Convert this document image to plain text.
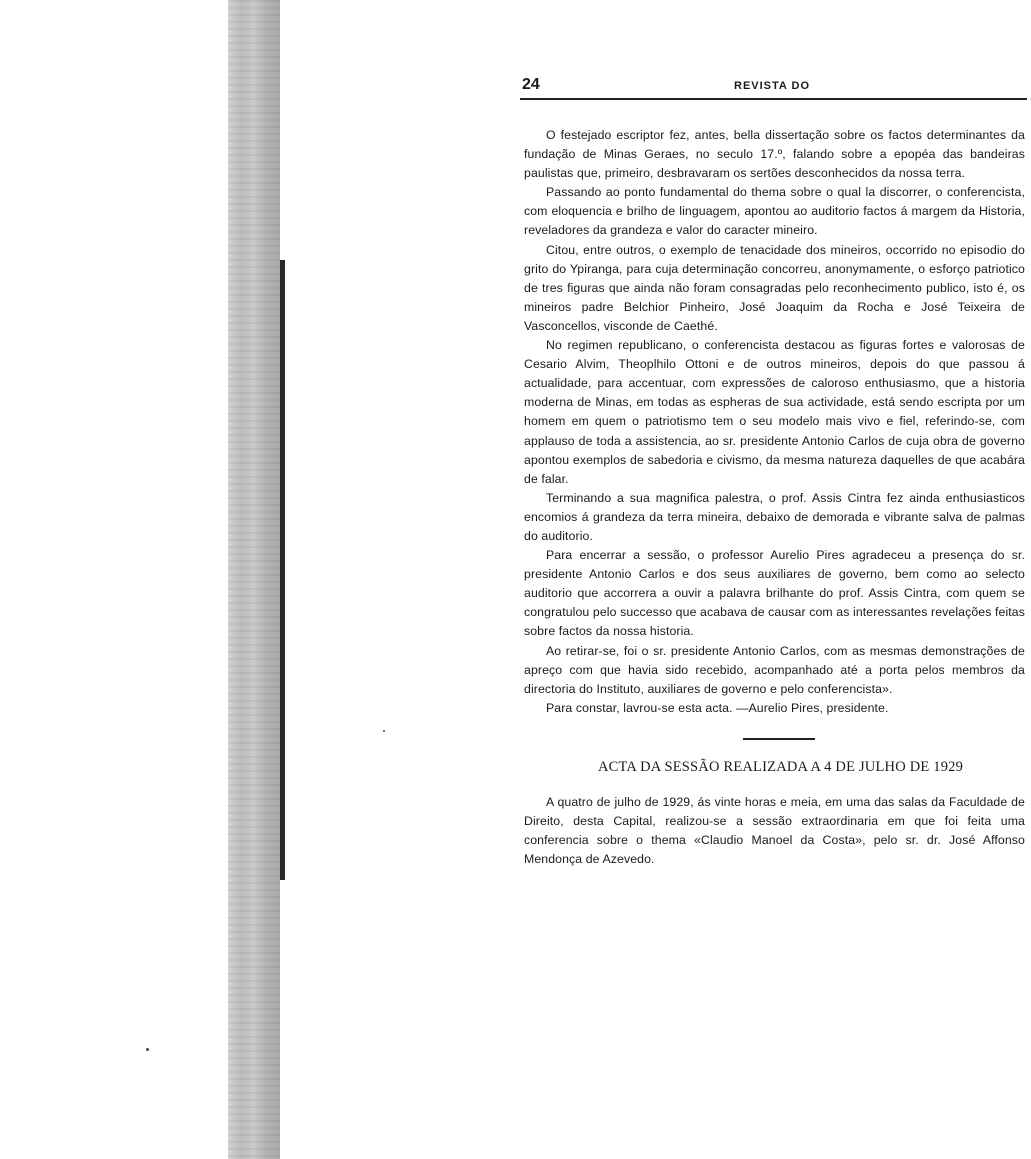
24	REVISTA DO

O festejado escriptor fez, antes, bella dissertação sobre os factos determinantes da fundação de Minas Geraes, no seculo 17.º, falando sobre a epopéa das bandeiras paulistas que, primeiro, desbravaram os sertões desconhecidos da nossa terra.

Passando ao ponto fundamental do thema sobre o qual la discorrer, o conferencista, com eloquencia e brilho de linguagem, apontou ao auditorio factos á margem da Historia, reveladores da grandeza e valor do caracter mineiro.

Citou, entre outros, o exemplo de tenacidade dos mineiros, occorrido no episodio do grito do Ypiranga, para cuja determinação concorreu, anonymamente, o esforço patriotico de tres figuras que ainda não foram consagradas pelo reconhecimento publico, isto é, os mineiros padre Belchior Pinheiro, José Joaquim da Rocha e José Teixeira de Vasconcellos, visconde de Caethé.

No regimen republicano, o conferencista destacou as figuras fortes e valorosas de Cesario Alvim, Theoplhilo Ottoni e de outros mineiros, depois do que passou á actualidade, para accentuar, com expressões de caloroso enthusiasmo, que a historia moderna de Minas, em todas as espheras de sua actividade, está sendo escripta por um homem em quem o patriotismo tem o seu modelo mais vivo e fiel, referindo-se, com applauso de toda a assistencia, ao sr. presidente Antonio Carlos de cuja obra de governo apontou exemplos de sabedoria e civismo, da mesma natureza daquelles de que acabára de falar.

Terminando a sua magnifica palestra, o prof. Assis Cintra fez ainda enthusiasticos encomios á grandeza da terra mineira, debaixo de demorada e vibrante salva de palmas do auditorio.

Para encerrar a sessão, o professor Aurelio Pires agradeceu a presença do sr. presidente Antonio Carlos e dos seus auxiliares de governo, bem como ao selecto auditorio que accorrera a ouvir a palavra brilhante do prof. Assis Cintra, com quem se congratulou pelo successo que acabava de causar com as interessantes revelações feitas sobre factos da nossa historia.

Ao retirar-se, foi o sr. presidente Antonio Carlos, com as mesmas demonstrações de apreço com que havia sido recebido, acompanhado até a porta pelos membros da directoria do Instituto, auxiliares de governo e pelo conferencista».

Para constar, lavrou-se esta acta. —Aurelio Pires, presidente.

ACTA DA SESSÃO REALIZADA A 4 DE JULHO DE 1929

A quatro de julho de 1929, ás vinte horas e meia, em uma das salas da Faculdade de Direito, desta Capital, realizou-se a sessão extraordinaria em que foi feita uma conferencia sobre o thema «Claudio Manoel da Costa», pelo sr. dr. José Affonso Mendonça de Azevedo.
